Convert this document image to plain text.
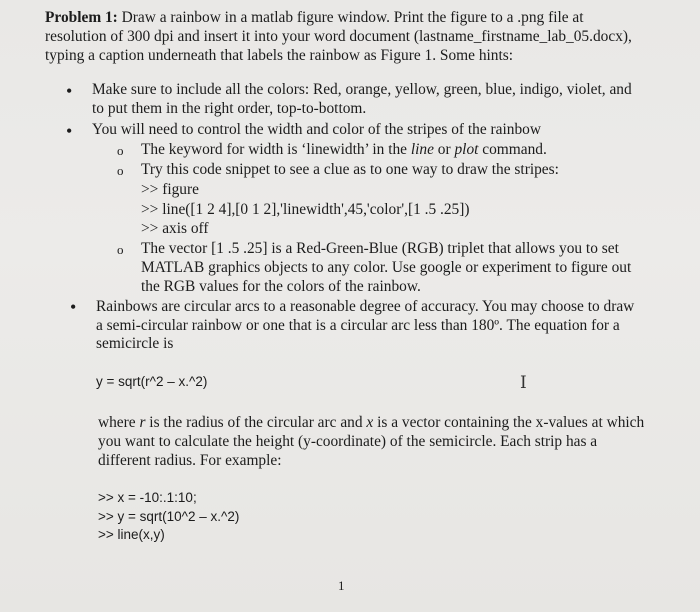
Problem 1: Draw a rainbow in a matlab figure window. Print the figure to a .png file at
resolution of 300 dpi and insert it into your word document (lastname_firstname_lab_05.docx),
typing a caption underneath that labels the rainbow as Figure 1. Some hints:
• Make sure to include all the colors: Red, orange, yellow, green, blue, indigo, violet, and
to put them in the right order, top-to-bottom.
• You will need to control the width and color of the stripes of the rainbow
o The keyword for width is ‘linewidth’ in the line or plot command.
o Try this code snippet to see a clue as to one way to draw the stripes:
>> figure
>> line([1 2 4],[0 1 2],'linewidth',45,'color',[1 .5 .25])
>> axis off
o The vector [1 .5 .25] is a Red-Green-Blue (RGB) triplet that allows you to set
MATLAB graphics objects to any color. Use google or experiment to figure out
the RGB values for the colors of the rainbow.
• Rainbows are circular arcs to a reasonable degree of accuracy. You may choose to draw
a semi-circular rainbow or one that is a circular arc less than 180º. The equation for a
semicircle is
y = sqrt(r^2 – x.^2)	I
where r is the radius of the circular arc and x is a vector containing the x-values at which
you want to calculate the height (y-coordinate) of the semicircle. Each strip has a
different radius. For example:
>> x = -10:.1:10;
>> y = sqrt(10^2 – x.^2)
>> line(x,y)
1
